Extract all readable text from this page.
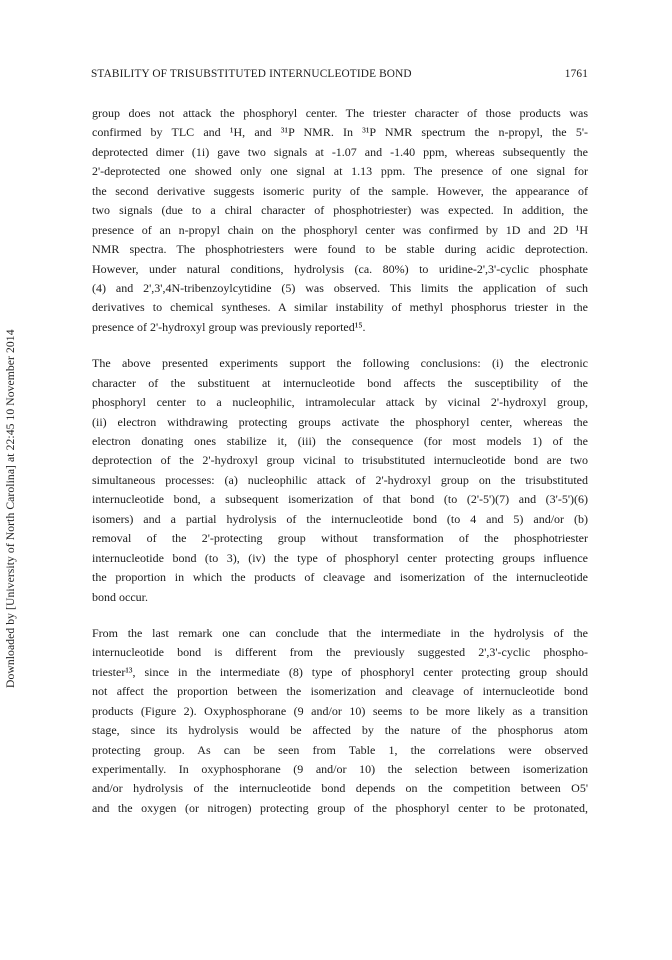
STABILITY OF TRISUBSTITUTED INTERNUCLEOTIDE BOND	1761
Downloaded by [University of North Carolina] at 22:45 10 November 2014
group does not attack the phosphoryl center. The triester character of those products was
confirmed by TLC and ¹H, and ³¹P NMR. In ³¹P NMR spectrum the n-propyl, the 5'-
deprotected dimer (1i) gave two signals at -1.07 and -1.40 ppm, whereas subsequently the
2'-deprotected one showed only one signal at 1.13 ppm. The presence of one signal for
the second derivative suggests isomeric purity of the sample. However, the appearance of
two signals (due to a chiral character of phosphotriester) was expected. In addition, the
presence of an n-propyl chain on the phosphoryl center was confirmed by 1D and 2D ¹H
NMR spectra. The phosphotriesters were found to be stable during acidic deprotection.
However, under natural conditions, hydrolysis (ca. 80%) to uridine-2',3'-cyclic phosphate
(4) and 2',3',4N-tribenzoylcytidine (5) was observed. This limits the application of such
derivatives to chemical syntheses. A similar instability of methyl phosphorus triester in the
presence of 2'-hydroxyl group was previously reported¹⁵.
The above presented experiments support the following conclusions: (i) the electronic
character of the substituent at internucleotide bond affects the susceptibility of the
phosphoryl center to a nucleophilic, intramolecular attack by vicinal 2'-hydroxyl group,
(ii) electron withdrawing protecting groups activate the phosphoryl center, whereas the
electron donating ones stabilize it, (iii) the consequence (for most models 1) of the
deprotection of the 2'-hydroxyl group vicinal to trisubstituted internucleotide bond are two
simultaneous processes: (a) nucleophilic attack of 2'-hydroxyl group on the trisubstituted
internucleotide bond, a subsequent isomerization of that bond (to (2'-5')(7) and (3'-5')(6)
isomers) and a partial hydrolysis of the internucleotide bond (to 4 and 5) and/or (b)
removal of the 2'-protecting group without transformation of the phosphotriester
internucleotide bond (to 3), (iv) the type of phosphoryl center protecting groups influence
the proportion in which the products of cleavage and isomerization of the internucleotide
bond occur.
From the last remark one can conclude that the intermediate in the hydrolysis of the
internucleotide bond is different from the previously suggested 2',3'-cyclic phospho-
triester¹³, since in the intermediate (8) type of phosphoryl center protecting group should
not affect the proportion between the isomerization and cleavage of internucleotide bond
products (Figure 2). Oxyphosphorane (9 and/or 10) seems to be more likely as a transition
stage, since its hydrolysis would be affected by the nature of the phosphorus atom
protecting group. As can be seen from Table 1, the correlations were observed
experimentally. In oxyphosphorane (9 and/or 10) the selection between isomerization
and/or hydrolysis of the internucleotide bond depends on the competition between O5'
and the oxygen (or nitrogen) protecting group of the phosphoryl center to be protonated,
